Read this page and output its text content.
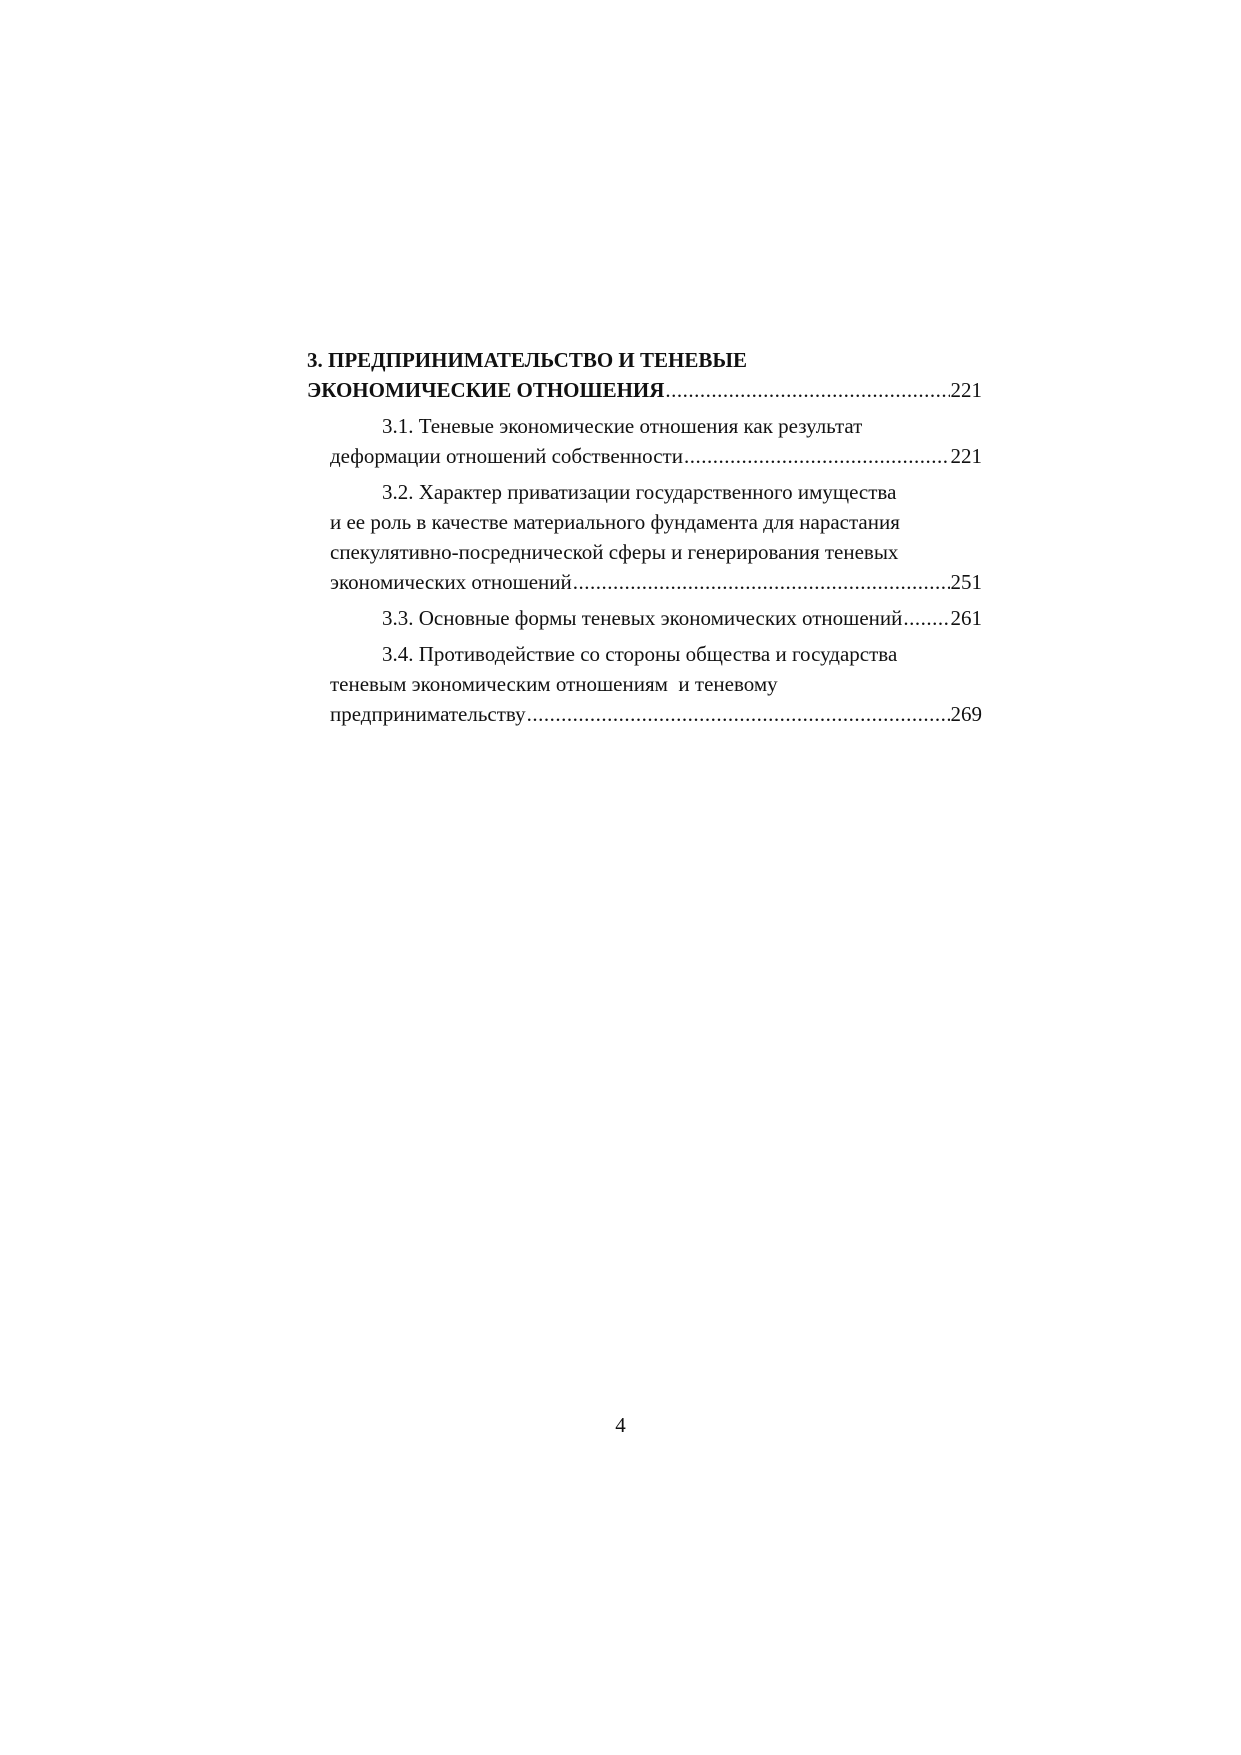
3. ПРЕДПРИНИМАТЕЛЬСТВО И ТЕНЕВЫЕ
ЭКОНОМИЧЕСКИЕ ОТНОШЕНИЯ .....	221
3.1. Теневые экономические отношения как результат
деформации отношений собственности .....	221
3.2. Характер приватизации государственного имущества
и ее роль в качестве материального фундамента для нарастания
спекулятивно-посреднической сферы и генерирования теневых
экономических отношений .....	251
3.3. Основные формы теневых экономических отношений ..... 261
3.4. Противодействие со стороны общества и государства
теневым экономическим отношениям  и теневому
предпринимательству .....	269
4
